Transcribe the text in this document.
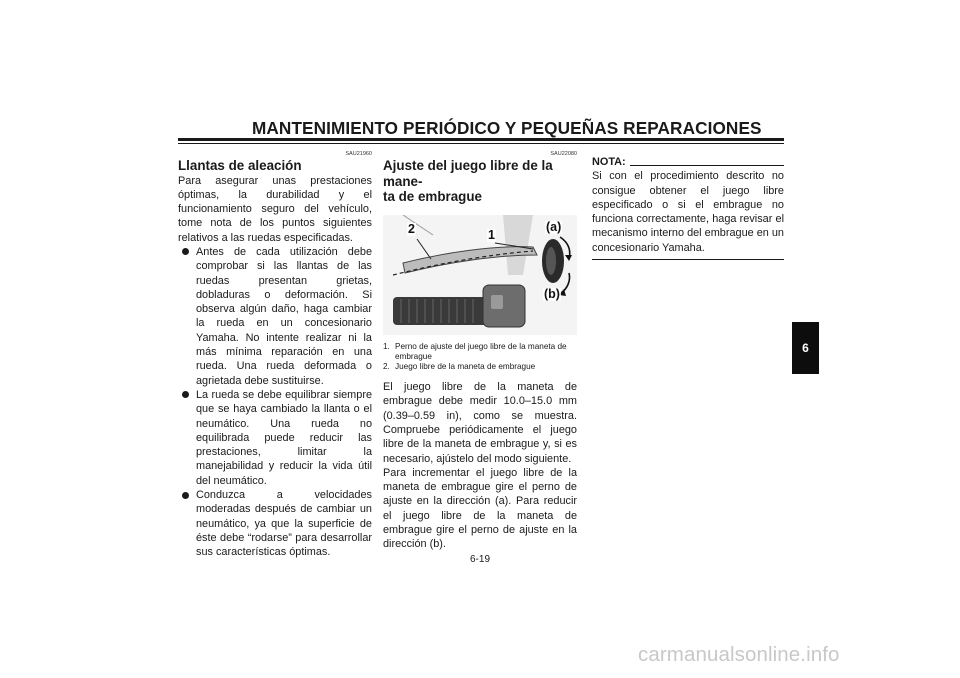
MANTENIMIENTO PERIÓDICO Y PEQUEÑAS REPARACIONES
SAU21960
Llantas de aleación

Para asegurar unas prestaciones óptimas, la durabilidad y el funcionamiento seguro del vehículo, tome nota de los puntos siguientes relativos a las ruedas especificadas.

Antes de cada utilización debe comprobar si las llantas de las ruedas presentan grietas, dobladuras o deformación. Si observa algún daño, haga cambiar la rueda en un concesionario Yamaha. No intente realizar ni la más mínima reparación en una rueda. Una rueda deformada o agrietada debe sustituirse.
La rueda se debe equilibrar siempre que se haya cambiado la llanta o el neumático. Una rueda no equilibrada puede reducir las prestaciones, limitar la manejabilidad y reducir la vida útil del neumático.
Conduzca a velocidades moderadas después de cambiar un neumático, ya que la superficie de éste debe “rodarse” para desarrollar sus características óptimas.
SAU22080
Ajuste del juego libre de la mane-
ta de embrague
2	1
(a)
(b)
1. Perno de ajuste del juego libre de la maneta de embrague
2. Juego libre de la maneta de embrague

El juego libre de la maneta de embrague debe medir 10.0–15.0 mm (0.39–0.59 in), como se muestra. Compruebe periódicamente el juego libre de la maneta de embrague y, si es necesario, ajústelo del modo siguiente.

Para incrementar el juego libre de la maneta de embrague gire el perno de ajuste en la dirección (a). Para reducir el juego libre de la maneta de embrague gire el perno de ajuste en la dirección (b).

NOTA:

Si con el procedimiento descrito no consigue obtener el juego libre especificado o si el embrague no funciona correctamente, haga revisar el mecanismo interno del embrague en un concesionario Yamaha.

6
6-19
carmanualsonline.info
